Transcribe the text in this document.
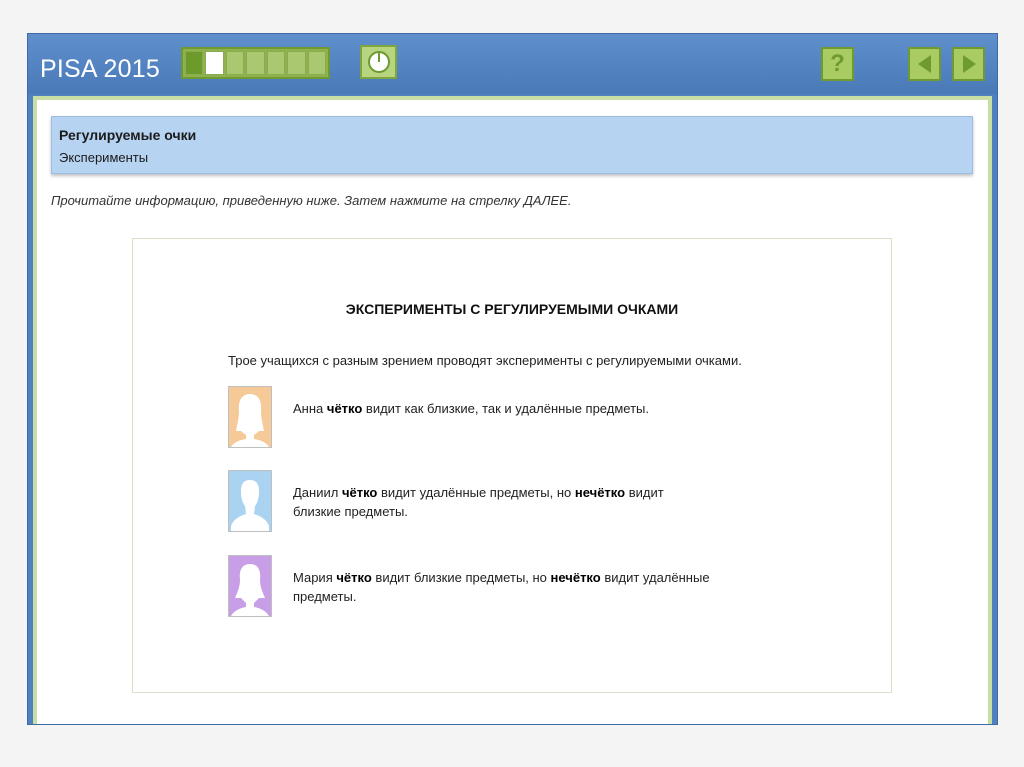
PISA 2015	?
Регулируемые очки
Эксперименты
Прочитайте информацию, приведенную ниже. Затем нажмите на стрелку ДАЛЕЕ.
ЭКСПЕРИМЕНТЫ С РЕГУЛИРУЕМЫМИ ОЧКАМИ
Трое учащихся с разным зрением проводят эксперименты с регулируемыми очками.
Анна чётко видит как близкие, так и удалённые предметы.
Даниил чётко видит удалённые предметы, но нечётко видит близкие предметы.
Мария чётко видит близкие предметы, но нечётко видит удалённые предметы.
